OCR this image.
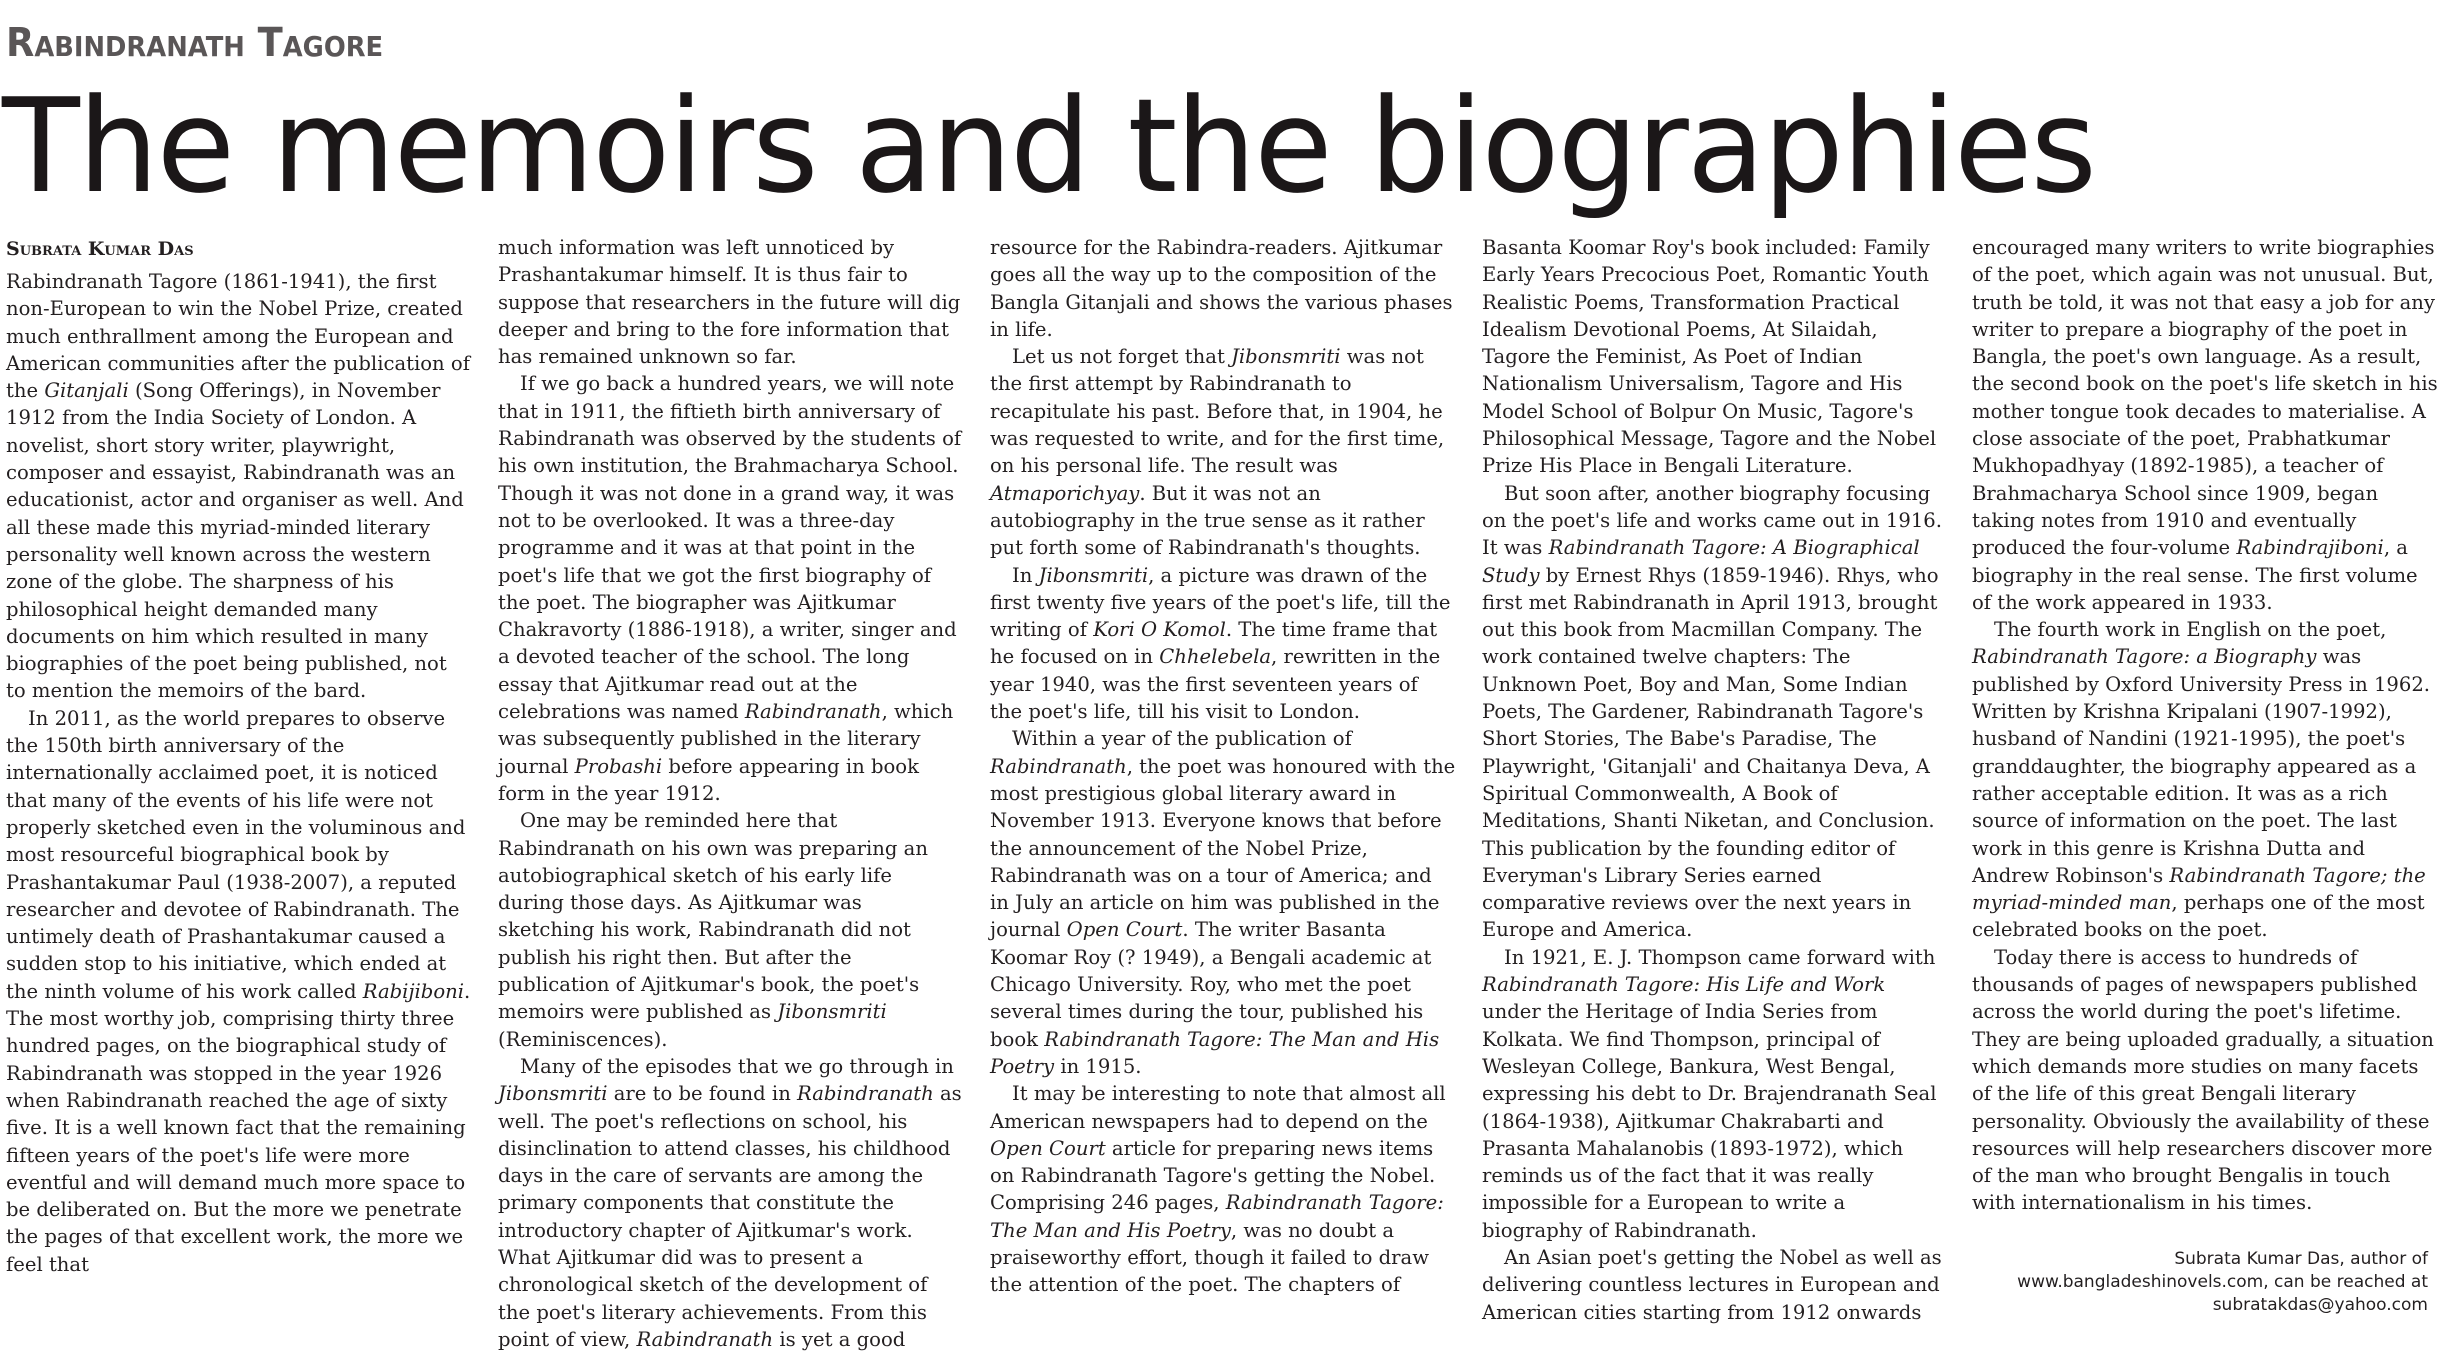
Rabindranath Tagore
The memoirs and the biographies
Subrata Kumar Das

Rabindranath Tagore (1861-1941), the first non-European to win the Nobel Prize, created much enthrallment among the European and American communities after the publication of the Gitanjali (Song Offerings), in November 1912 from the India Society of London. A novelist, short story writer, playwright, composer and essayist, Rabindranath was an educationist, actor and organiser as well. And all these made this myriad-minded literary personality well known across the western zone of the globe. The sharpness of his philosophical height demanded many documents on him which resulted in many biographies of the poet being published, not to mention the memoirs of the bard.

In 2011, as the world prepares to observe the 150th birth anniversary of the internationally acclaimed poet, it is noticed that many of the events of his life were not properly sketched even in the voluminous and most resourceful biographical book by Prashantakumar Paul (1938-2007), a reputed researcher and devotee of Rabindranath. The untimely death of Prashantakumar caused a sudden stop to his initiative, which ended at the ninth volume of his work called Rabijiboni. The most worthy job, comprising thirty three hundred pages, on the biographical study of Rabindranath was stopped in the year 1926 when Rabindranath reached the age of sixty five. It is a well known fact that the remaining fifteen years of the poet's life were more eventful and will demand much more space to be deliberated on. But the more we penetrate the pages of that excellent work, the more we feel that

much information was left unnoticed by Prashantakumar himself. It is thus fair to suppose that researchers in the future will dig deeper and bring to the fore information that has remained unknown so far.

If we go back a hundred years, we will note that in 1911, the fiftieth birth anniversary of Rabindranath was observed by the students of his own institution, the Brahmacharya School. Though it was not done in a grand way, it was not to be overlooked. It was a three-day programme and it was at that point in the poet's life that we got the first biography of the poet. The biographer was Ajitkumar Chakravorty (1886-1918), a writer, singer and a devoted teacher of the school. The long essay that Ajitkumar read out at the celebrations was named Rabindranath, which was subsequently published in the literary journal Probashi before appearing in book form in the year 1912.

One may be reminded here that Rabindranath on his own was preparing an autobiographical sketch of his early life during those days. As Ajitkumar was sketching his work, Rabindranath did not publish his right then. But after the publication of Ajitkumar's book, the poet's memoirs were published as Jibonsmriti (Reminiscences).

Many of the episodes that we go through in Jibonsmriti are to be found in Rabindranath as well. The poet's reflections on school, his disinclination to attend classes, his childhood days in the care of servants are among the primary components that constitute the introductory chapter of Ajitkumar's work. What Ajitkumar did was to present a chronological sketch of the development of the poet's literary achievements. From this point of view, Rabindranath is yet a good

resource for the Rabindra-readers. Ajitkumar goes all the way up to the composition of the Bangla Gitanjali and shows the various phases in life.

Let us not forget that Jibonsmriti was not the first attempt by Rabindranath to recapitulate his past. Before that, in 1904, he was requested to write, and for the first time, on his personal life. The result was Atmaporichyay. But it was not an autobiography in the true sense as it rather put forth some of Rabindranath's thoughts.

In Jibonsmriti, a picture was drawn of the first twenty five years of the poet's life, till the writing of Kori O Komol. The time frame that he focused on in Chhelebela, rewritten in the year 1940, was the first seventeen years of the poet's life, till his visit to London.

Within a year of the publication of Rabindranath, the poet was honoured with the most prestigious global literary award in November 1913. Everyone knows that before the announcement of the Nobel Prize, Rabindranath was on a tour of America; and in July an article on him was published in the journal Open Court. The writer Basanta Koomar Roy (? 1949), a Bengali academic at Chicago University. Roy, who met the poet several times during the tour, published his book Rabindranath Tagore: The Man and His Poetry in 1915.

It may be interesting to note that almost all American newspapers had to depend on the Open Court article for preparing news items on Rabindranath Tagore's getting the Nobel. Comprising 246 pages, Rabindranath Tagore: The Man and His Poetry, was no doubt a praiseworthy effort, though it failed to draw the attention of the poet. The chapters of

Basanta Koomar Roy's book included: Family Early Years Precocious Poet, Romantic Youth Realistic Poems, Transformation Practical Idealism Devotional Poems, At Silaidah, Tagore the Feminist, As Poet of Indian Nationalism Universalism, Tagore and His Model School of Bolpur On Music, Tagore's Philosophical Message, Tagore and the Nobel Prize His Place in Bengali Literature.

But soon after, another biography focusing on the poet's life and works came out in 1916. It was Rabindranath Tagore: A Biographical Study by Ernest Rhys (1859-1946). Rhys, who first met Rabindranath in April 1913, brought out this book from Macmillan Company. The work contained twelve chapters: The Unknown Poet, Boy and Man, Some Indian Poets, The Gardener, Rabindranath Tagore's Short Stories, The Babe's Paradise, The Playwright, 'Gitanjali' and Chaitanya Deva, A Spiritual Commonwealth, A Book of Meditations, Shanti Niketan, and Conclusion. This publication by the founding editor of Everyman's Library Series earned comparative reviews over the next years in Europe and America.

In 1921, E. J. Thompson came forward with Rabindranath Tagore: His Life and Work under the Heritage of India Series from Kolkata. We find Thompson, principal of Wesleyan College, Bankura, West Bengal, expressing his debt to Dr. Brajendranath Seal (1864-1938), Ajitkumar Chakrabarti and Prasanta Mahalanobis (1893-1972), which reminds us of the fact that it was really impossible for a European to write a biography of Rabindranath.

An Asian poet's getting the Nobel as well as delivering countless lectures in European and American cities starting from 1912 onwards

encouraged many writers to write biographies of the poet, which again was not unusual. But, truth be told, it was not that easy a job for any writer to prepare a biography of the poet in Bangla, the poet's own language. As a result, the second book on the poet's life sketch in his mother tongue took decades to materialise. A close associate of the poet, Prabhatkumar Mukhopadhyay (1892-1985), a teacher of Brahmacharya School since 1909, began taking notes from 1910 and eventually produced the four-volume Rabindrajiboni, a biography in the real sense. The first volume of the work appeared in 1933.

The fourth work in English on the poet, Rabindranath Tagore: a Biography was published by Oxford University Press in 1962. Written by Krishna Kripalani (1907-1992), husband of Nandini (1921-1995), the poet's granddaughter, the biography appeared as a rather acceptable edition. It was as a rich source of information on the poet. The last work in this genre is Krishna Dutta and Andrew Robinson's Rabindranath Tagore; the myriad-minded man, perhaps one of the most celebrated books on the poet.

Today there is access to hundreds of thousands of pages of newspapers published across the world during the poet's lifetime. They are being uploaded gradually, a situation which demands more studies on many facets of the life of this great Bengali literary personality. Obviously the availability of these resources will help researchers discover more of the man who brought Bengalis in touch with internationalism in his times.

Subrata Kumar Das, author of
www.bangladeshinovels.com, can be reached at
subratakdas@yahoo.com
